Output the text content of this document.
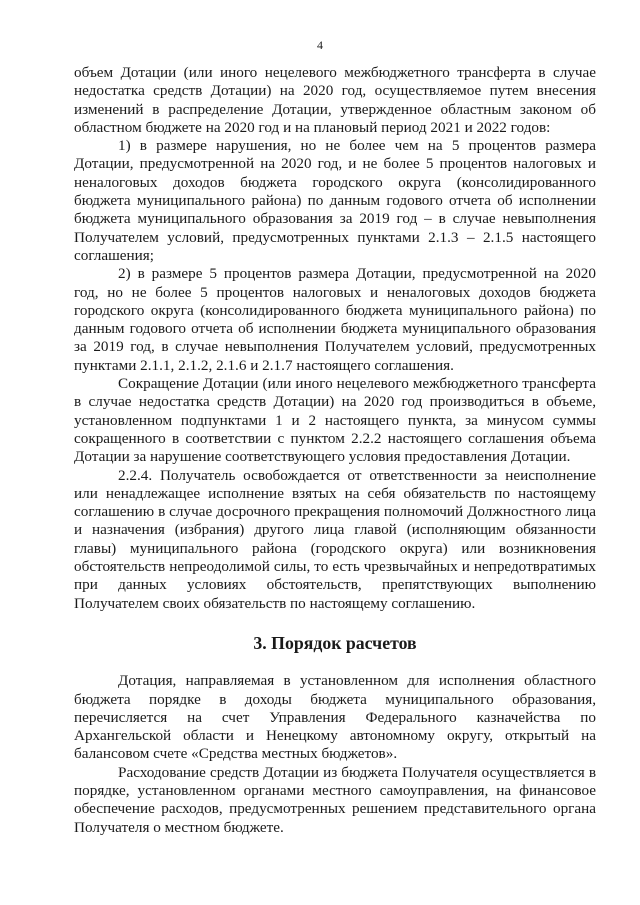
4

объем Дотации (или иного нецелевого межбюджетного трансферта в случае недостатка средств Дотации) на 2020 год, осуществляемое путем внесения изменений в распределение Дотации, утвержденное областным законом об областном бюджете на 2020 год и на плановый период 2021 и 2022 годов:

1) в размере нарушения, но не более чем на 5 процентов размера Дотации, предусмотренной на 2020 год, и не более 5 процентов налоговых и неналоговых доходов бюджета городского округа (консолидированного бюджета муниципального района) по данным годового отчета об исполнении бюджета муниципального образования за 2019 год – в случае невыполнения Получателем условий, предусмотренных пунктами 2.1.3 – 2.1.5 настоящего соглашения;

2) в размере 5 процентов размера Дотации, предусмотренной на 2020 год, но не более 5 процентов налоговых и неналоговых доходов бюджета городского округа (консолидированного бюджета муниципального района) по данным годового отчета об исполнении бюджета муниципального образования за 2019 год, в случае невыполнения Получателем условий, предусмотренных пунктами 2.1.1, 2.1.2, 2.1.6 и 2.1.7 настоящего соглашения.

Сокращение Дотации (или иного нецелевого межбюджетного трансферта в случае недостатка средств Дотации) на 2020 год производиться в объеме, установленном подпунктами 1 и 2 настоящего пункта, за минусом суммы сокращенного в соответствии с пунктом 2.2.2 настоящего соглашения объема Дотации за нарушение соответствующего условия предоставления Дотации.

2.2.4. Получатель освобождается от ответственности за неисполнение или ненадлежащее исполнение взятых на себя обязательств по настоящему соглашению в случае досрочного прекращения полномочий Должностного лица и назначения (избрания) другого лица главой (исполняющим обязанности главы) муниципального района (городского округа) или возникновения обстоятельств непреодолимой силы, то есть чрезвычайных и непредотвратимых при данных условиях обстоятельств, препятствующих выполнению Получателем своих обязательств по настоящему соглашению.

3. Порядок расчетов

Дотация, направляемая в установленном для исполнения областного бюджета порядке в доходы бюджета муниципального образования, перечисляется на счет Управления Федерального казначейства по Архангельской области и Ненецкому автономному округу, открытый на балансовом счете «Средства местных бюджетов».

Расходование средств Дотации из бюджета Получателя осуществляется в порядке, установленном органами местного самоуправления, на финансовое обеспечение расходов, предусмотренных решением представительного органа Получателя о местном бюджете.
